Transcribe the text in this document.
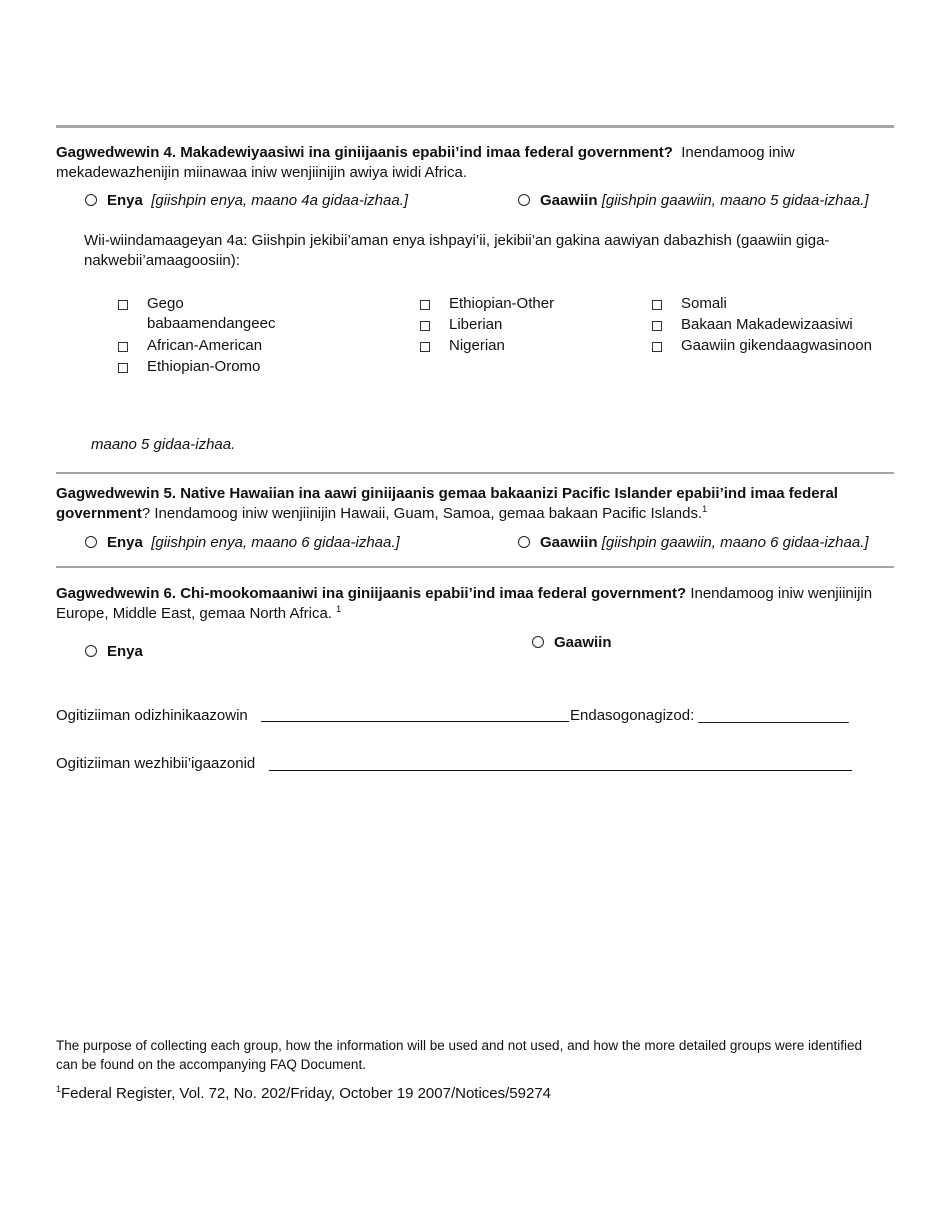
Gagwedwewin 4. Makadewiyaasiwi ina giniijaanis epabii’ind imaa federal government? Inendamoog iniw mekadewazhenijin miinawaa iniw wenjiinijin awiya iwidi Africa.
Enya [giishpin enya, maano 4a gidaa-izhaa.]	Gaawiin [giishpin gaawiin, maano 5 gidaa-izhaa.]
Wii-wiindamaageyan 4a: Giishpin jekibii’aman enya ishpayi’ii, jekibii’an gakina aawiyan dabazhish (gaawiin giga-nakwebii’amaagoosiin):
Gego babaamendangeec
African-American
Ethiopian-Oromo
Ethiopian-Other
Liberian
Nigerian
Somali
Bakaan Makadewizaasiwi
Gaawiin gikendaagwasinoon
maano 5 gidaa-izhaa.
Gagwedwewin 5. Native Hawaiian ina aawi giniijaanis gemaa bakaanizi Pacific Islander epabii’ind imaa federal government? Inendamoog iniw wenjiinijin Hawaii, Guam, Samoa, gemaa bakaan Pacific Islands.$^1$
Enya [giishpin enya, maano 6 gidaa-izhaa.]	Gaawiin [giishpin gaawiin, maano 6 gidaa-izhaa.]
Gagwedwewin 6. Chi-mookomaaniwi ina giniijaanis epabii’ind imaa federal government? Inendamoog iniw wenjiinijin Europe, Middle East, gemaa North Africa. $^1$
Enya
Gaawiin
Ogitiziiman odizhinikaazowin	Endasogonagizod: __________________
Ogitiziiman wezhibii’igaazonid
The purpose of collecting each group, how the information will be used and not used, and how the more detailed groups were identified can be found on the accompanying FAQ Document.
$^1$Federal Register, Vol. 72, No. 202/Friday, October 19 2007/Notices/59274
